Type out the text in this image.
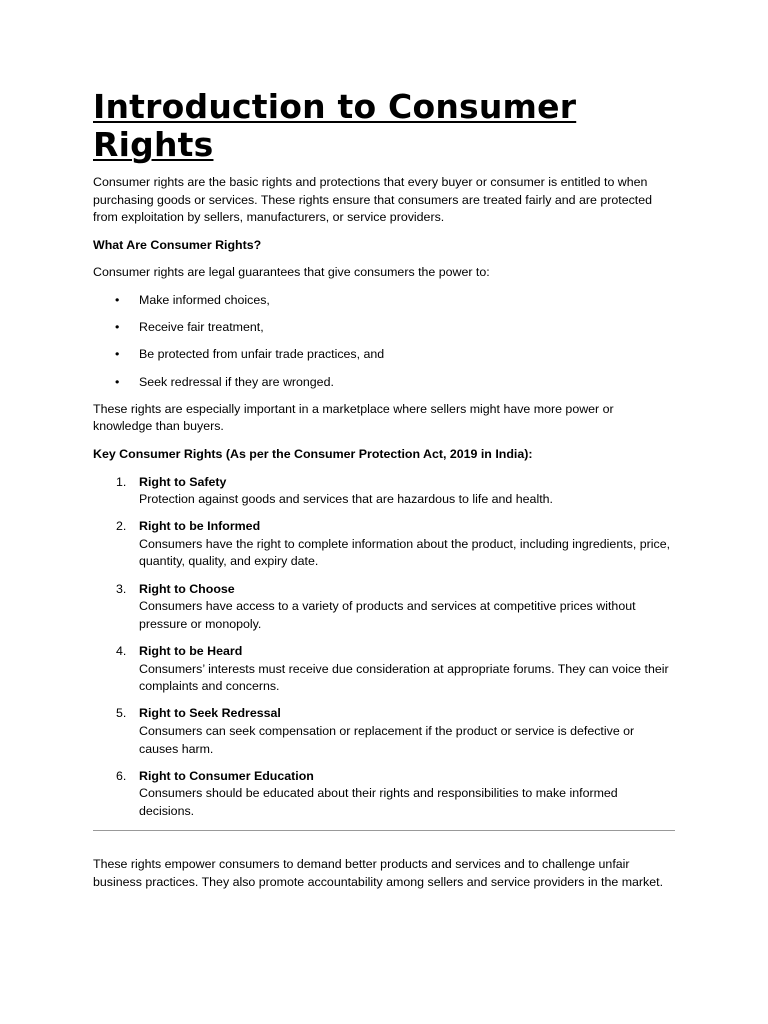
Introduction to Consumer Rights

Consumer rights are the basic rights and protections that every buyer or consumer is entitled to when purchasing goods or services. These rights ensure that consumers are treated fairly and are protected from exploitation by sellers, manufacturers, or service providers.

What Are Consumer Rights?

Consumer rights are legal guarantees that give consumers the power to:

• Make informed choices,
• Receive fair treatment,
• Be protected from unfair trade practices, and
• Seek redressal if they are wronged.

These rights are especially important in a marketplace where sellers might have more power or knowledge than buyers.

Key Consumer Rights (As per the Consumer Protection Act, 2019 in India):

1. Right to Safety
Protection against goods and services that are hazardous to life and health.
2. Right to be Informed
Consumers have the right to complete information about the product, including ingredients, price, quantity, quality, and expiry date.
3. Right to Choose
Consumers have access to a variety of products and services at competitive prices without pressure or monopoly.
4. Right to be Heard
Consumers’ interests must receive due consideration at appropriate forums. They can voice their complaints and concerns.
5. Right to Seek Redressal
Consumers can seek compensation or replacement if the product or service is defective or causes harm.
6. Right to Consumer Education
Consumers should be educated about their rights and responsibilities to make informed decisions.

These rights empower consumers to demand better products and services and to challenge unfair business practices. They also promote accountability among sellers and service providers in the market.
